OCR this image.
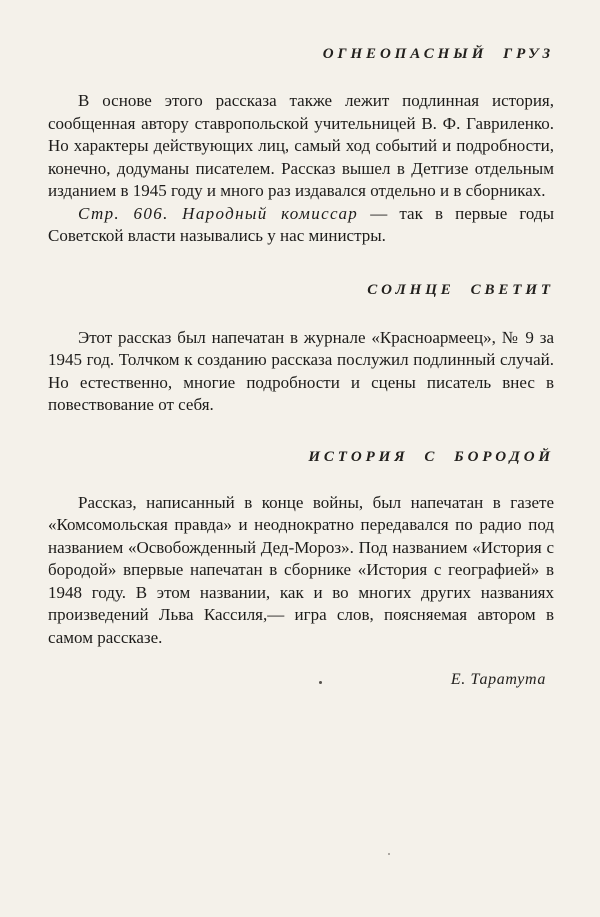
ОГНЕОПАСНЫЙ ГРУЗ

В основе этого рассказа также лежит подлинная история, сообщенная автору ставропольской учительницей В. Ф. Гавриленко. Но характеры действующих лиц, самый ход событий и подробности, конечно, додуманы писателем. Рассказ вышел в Детгизе отдельным изданием в 1945 году и много раз издавался отдельно и в сборниках.

Стр. 606. Народный комиссар — так в первые годы Советской власти назывались у нас министры.

СОЛНЦЕ СВЕТИТ

Этот рассказ был напечатан в журнале «Красноармеец», № 9 за 1945 год. Толчком к созданию рассказа послужил подлинный случай. Но естественно, многие подробности и сцены писатель внес в повествование от себя.

ИСТОРИЯ С БОРОДОЙ

Рассказ, написанный в конце войны, был напечатан в газете «Комсомольская правда» и неоднократно передавался по радио под названием «Освобожденный Дед-Мороз». Под названием «История с бородой» впервые напечатан в сборнике «История с географией» в 1948 году. В этом названии, как и во многих других названиях произведений Льва Кассиля,— игра слов, поясняемая автором в самом рассказе.

Е. Таратута
